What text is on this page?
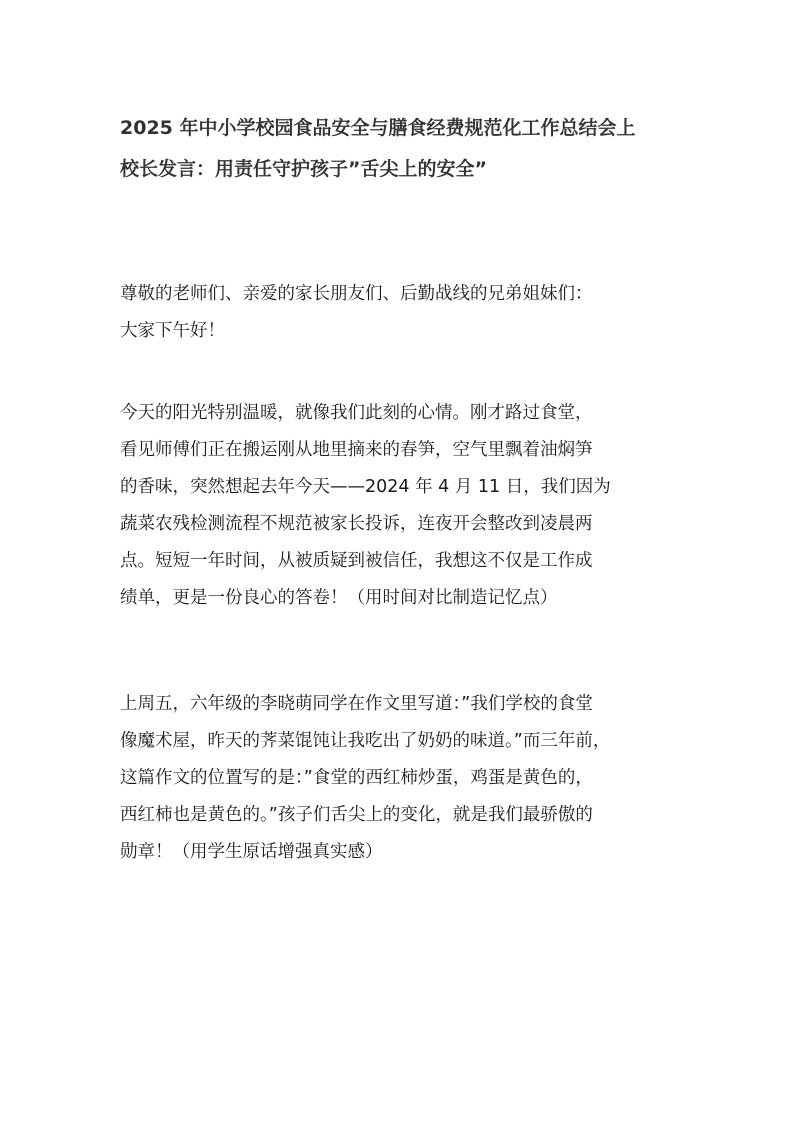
2025 年中小学校园食品安全与膳食经费规范化工作总结会上
校长发言：用责任守护孩子”舌尖上的安全”
尊敬的老师们、亲爱的家长朋友们、后勤战线的兄弟姐妹们：
大家下午好！
今天的阳光特别温暖，就像我们此刻的心情。刚才路过食堂，
看见师傅们正在搬运刚从地里摘来的春笋，空气里飘着油焖笋
的香味，突然想起去年今天——2024 年 4 月 11 日，我们因为
蔬菜农残检测流程不规范被家长投诉，连夜开会整改到凌晨两
点。短短一年时间，从被质疑到被信任，我想这不仅是工作成
绩单，更是一份良心的答卷！（用时间对比制造记忆点）
上周五，六年级的李晓萌同学在作文里写道：”我们学校的食堂
像魔术屋，昨天的荠菜馄饨让我吃出了奶奶的味道。”而三年前，
这篇作文的位置写的是：”食堂的西红柿炒蛋，鸡蛋是黄色的，
西红柿也是黄色的。”孩子们舌尖上的变化，就是我们最骄傲的
勋章！（用学生原话增强真实感）
